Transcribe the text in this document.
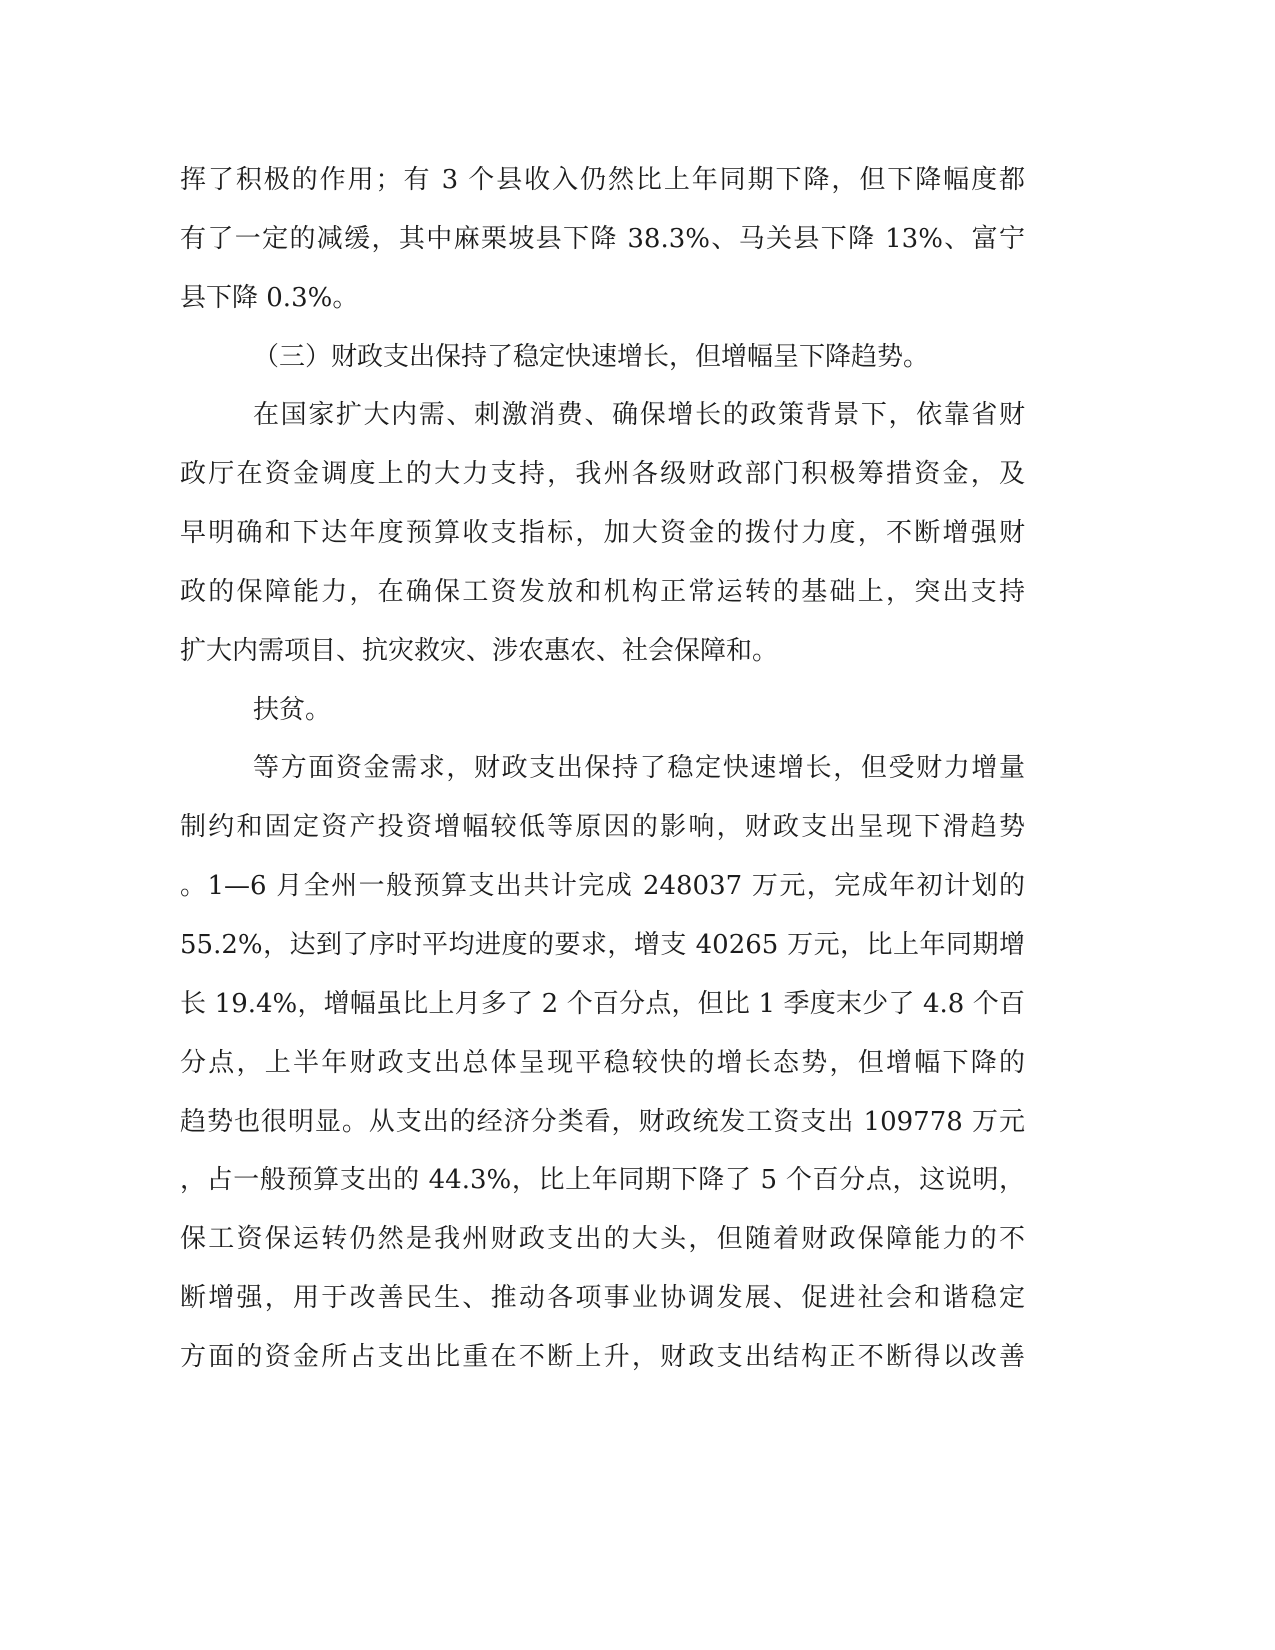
挥了积极的作用；有 3 个县收入仍然比上年同期下降，但下降幅度都
有了一定的减缓，其中麻栗坡县下降 38.3%、马关县下降 13%、富宁
县下降 0.3%。
（三）财政支出保持了稳定快速增长，但增幅呈下降趋势。
在国家扩大内需、刺激消费、确保增长的政策背景下，依靠省财
政厅在资金调度上的大力支持，我州各级财政部门积极筹措资金，及
早明确和下达年度预算收支指标，加大资金的拨付力度，不断增强财
政的保障能力，在确保工资发放和机构正常运转的基础上，突出支持
扩大内需项目、抗灾救灾、涉农惠农、社会保障和。
扶贫。
等方面资金需求，财政支出保持了稳定快速增长，但受财力增量
制约和固定资产投资增幅较低等原因的影响，财政支出呈现下滑趋势
。1—6 月全州一般预算支出共计完成 248037 万元，完成年初计划的
55.2%，达到了序时平均进度的要求，增支 40265 万元，比上年同期增
长 19.4%，增幅虽比上月多了 2 个百分点，但比 1 季度末少了 4.8 个百
分点，上半年财政支出总体呈现平稳较快的增长态势，但增幅下降的
趋势也很明显。从支出的经济分类看，财政统发工资支出 109778 万元
，占一般预算支出的 44.3%，比上年同期下降了 5 个百分点，这说明，
保工资保运转仍然是我州财政支出的大头，但随着财政保障能力的不
断增强，用于改善民生、推动各项事业协调发展、促进社会和谐稳定
方面的资金所占支出比重在不断上升，财政支出结构正不断得以改善
